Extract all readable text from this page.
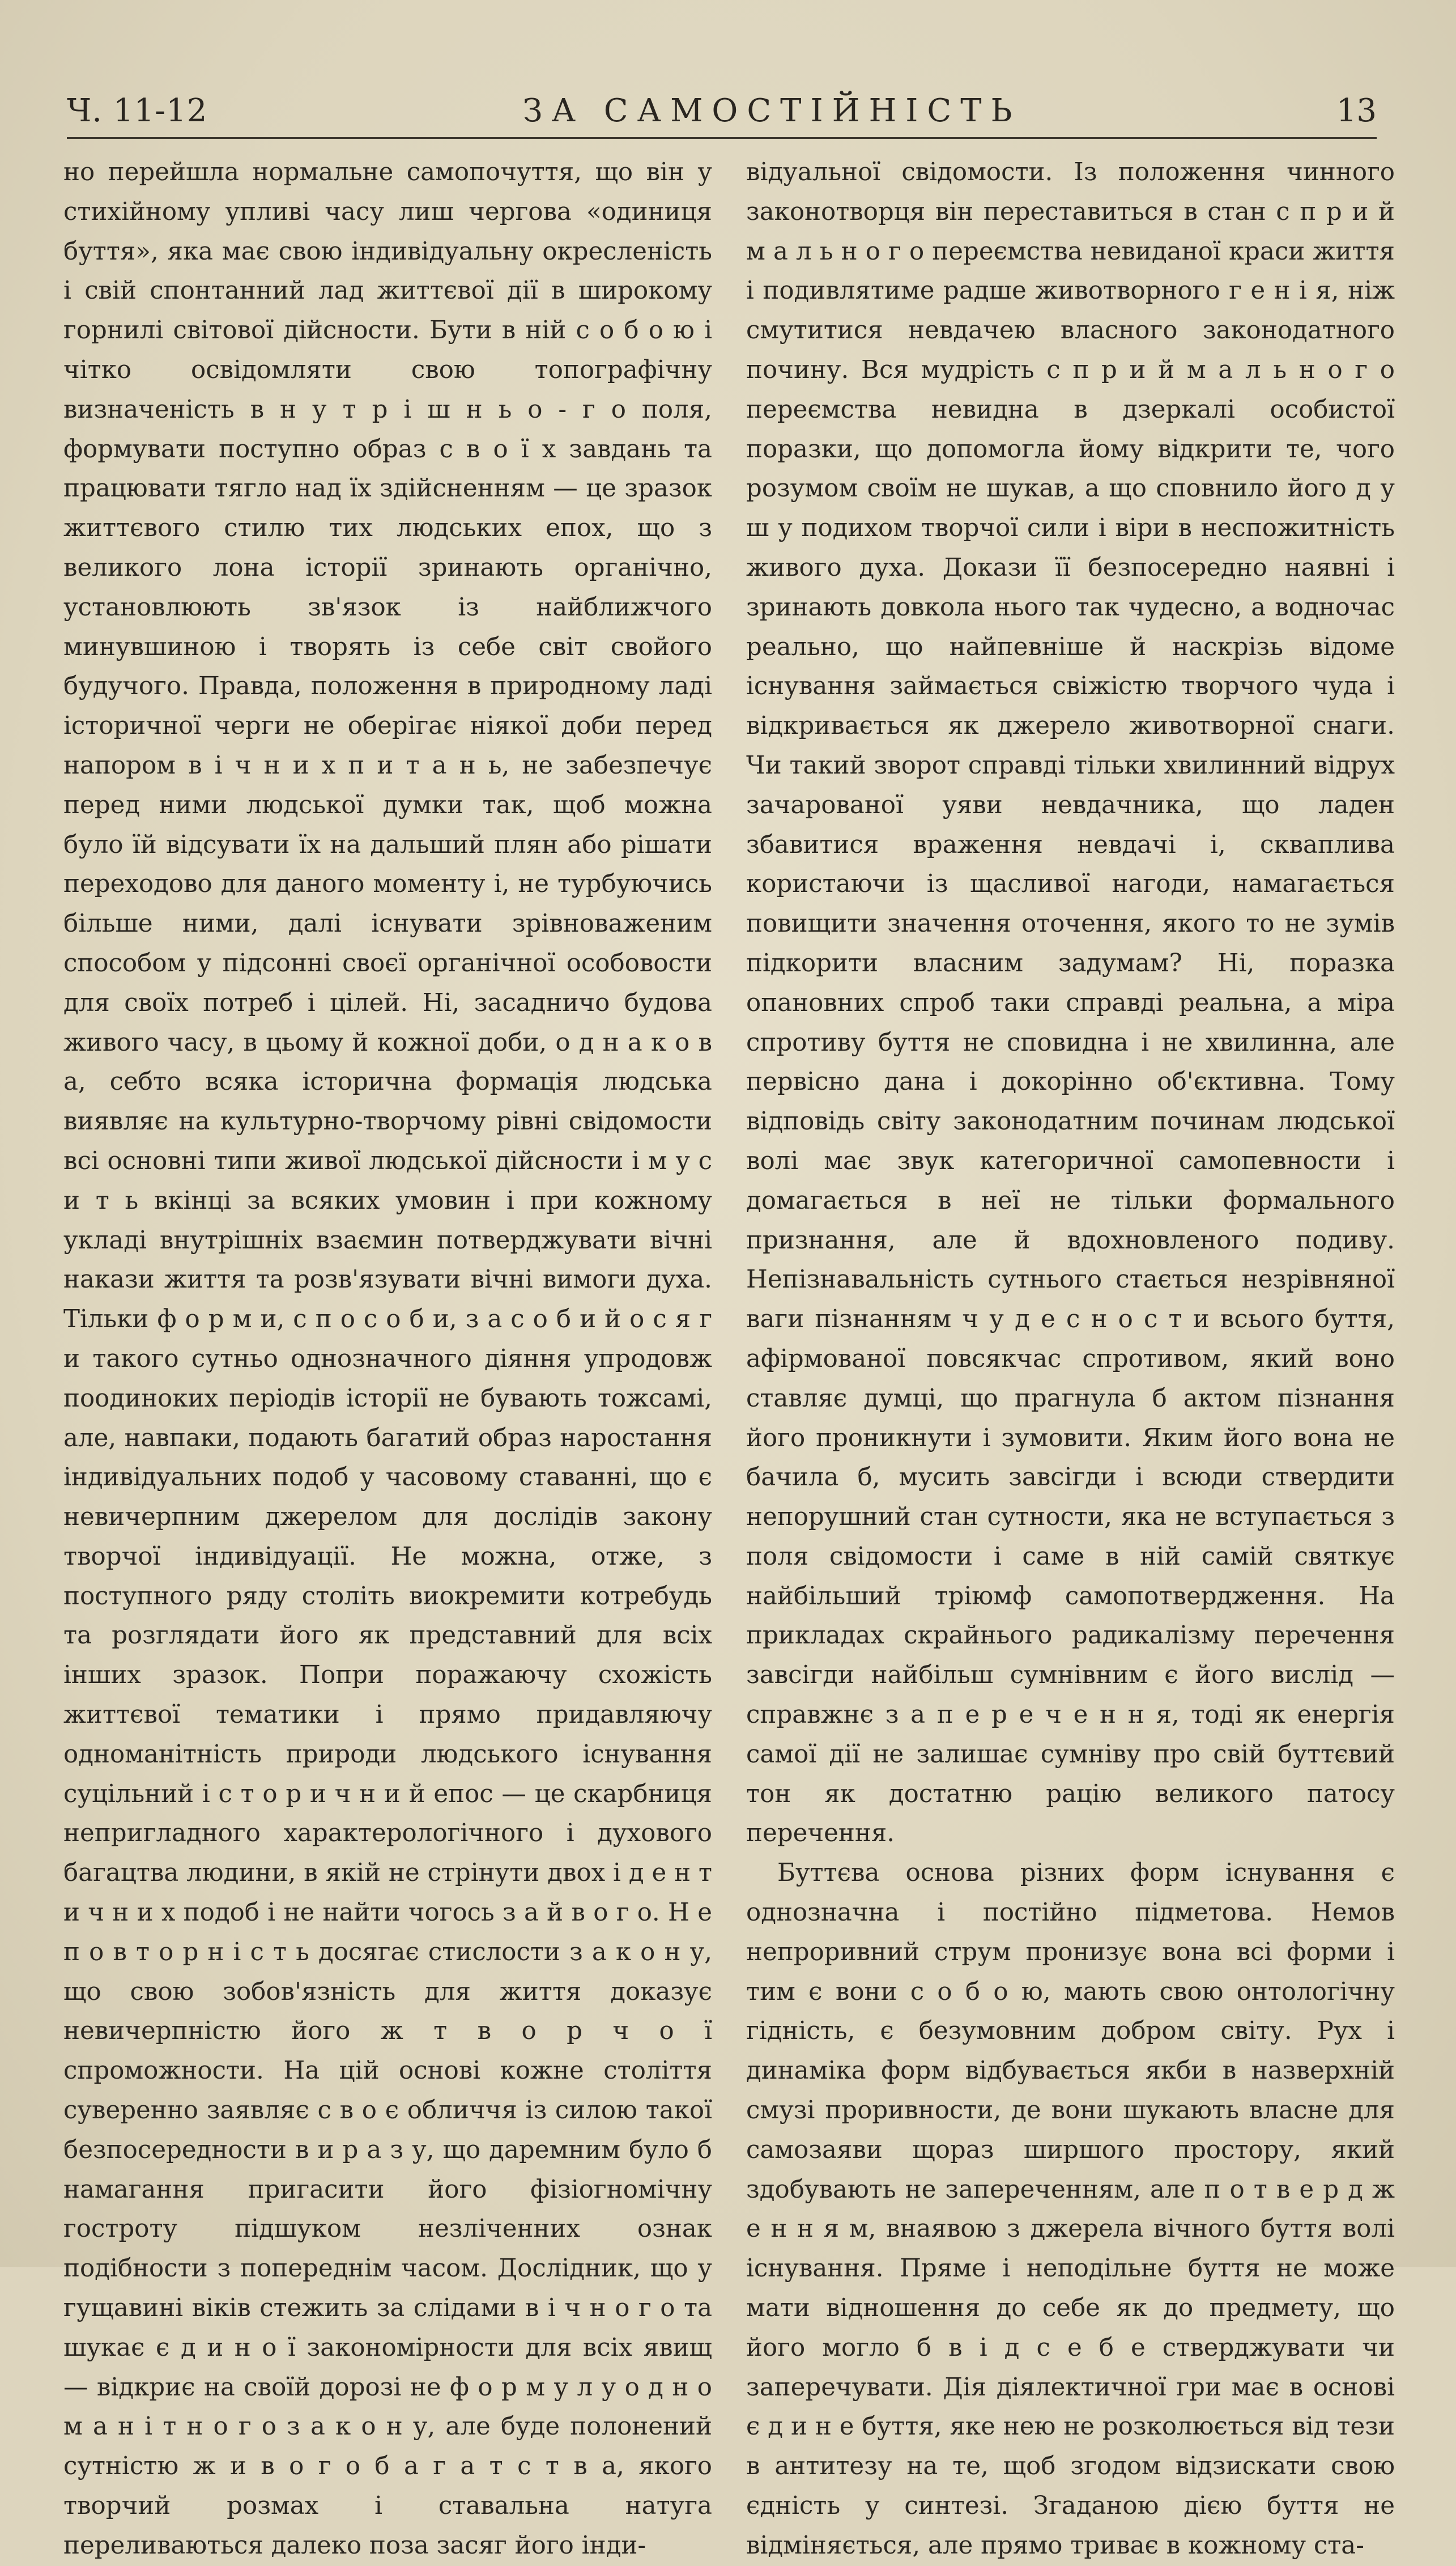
Ч. 11-12	ЗА САМОСТІЙНІСТЬ	13

но перейшла нормальне самопочуття, що він у стихійному упливі часу лиш чергова «одиниця буття», яка має свою індивідуальну окресленість і свій спонтанний лад життєвої дії в широкому горнилі світової дійсности. Бути в ній с о б о ю і чітко освідомляти свою топографічну визначеність в н у т р і ш н ь о - г о поля, формувати поступно образ с в о ї х завдань та працювати тягло над їх здійсненням — це зразок життєвого стилю тих людських епох, що з великого лона історії зринають органічно, установлюють зв'язок із найближчого минувшиною і творять із себе світ свойого будучого. Правда, положення в природному ладі історичної черги не оберігає ніякої доби перед напором в і ч н и х п и т а н ь, не забезпечує перед ними людської думки так, щоб можна було їй відсувати їх на дальший плян або рішати переходово для даного моменту і, не турбуючись більше ними, далі існувати зрівноваженим способом у підсонні своєї органічної особовости для своїх потреб і цілей. Ні, засадничо будова живого часу, в цьому й кожної доби, о д н а к о в а, себто всяка історична формація людська виявляє на культурно-творчому рівні свідомости всі основні типи живої людської дійсности і м у с и т ь вкінці за всяких умовин і при кожному укладі внутрішніх взаємин потверджувати вічні накази життя та розв'язувати вічні вимоги духа. Тільки ф о р м и, с п о с о б и, з а с о б и й о с я г и такого сутньо однозначного діяння упродовж поодиноких періодів історії не бувають тожсамі, але, навпаки, подають багатий образ наростання індивідуальних подоб у часовому ставанні, що є невичерпним джерелом для дослідів закону творчої індивідуації. Не можна, отже, з поступного ряду століть виокремити котребудь та розглядати його як представний для всіх інших зразок. Попри поражаючу схожість життєвої тематики і прямо придавляючу одноманітність природи людського існування суцільний і с т о р и ч н и й епос — це скарбниця непригладного характерологічного і духового багацтва людини, в якій не стрінути двох і д е н т и ч н и х подоб і не найти чогось з а й в о г о. Н е п о в т о р н і с т ь досягає стислости з а к о н у, що свою зобов'язність для життя доказує невичерпністю його ж т в о р ч о ї спроможности. На цій основі кожне століття суверенно заявляє с в о є обличчя із силою такої безпосередности в и р а з у, що даремним було б намагання пригасити його фізіогномічну гостроту підшуком незліченних ознак подібности з попереднім часом. Дослідник, що у гущавині віків стежить за слідами в і ч н о г о та шукає є д и н о ї закономірности для всіх явищ — відкриє на своїй дорозі не ф о р м у л у о д н о м а н і т н о г о з а к о н у, але буде полонений сутністю ж и в о г о б а г а т с т в а, якого творчий розмах і ставальна натуга переливаються далеко поза засяг його інди-

відуальної свідомости. Із положення чинного законотворця він переставиться в стан с п р и й м а л ь н о г о переємства невиданої краси життя і подивлятиме радше животворного г е н і я, ніж смутитися невдачею власного законодатного почину. Вся мудрість с п р и й м а л ь н о г о переємства невидна в дзеркалі особистої поразки, що допомогла йому відкрити те, чого розумом своїм не шукав, а що сповнило його д у ш у подихом творчої сили і віри в неспожитність живого духа. Докази її безпосередно наявні і зринають довкола нього так чудесно, а водночас реально, що найпевніше й наскрізь відоме існування займається свіжістю творчого чуда і відкривається як джерело животворної снаги. Чи такий зворот справді тільки хвилинний відрух зачарованої уяви невдачника, що ладен збавитися враження невдачі і, скваплива користаючи із щасливої нагоди, намагається повищити значення оточення, якого то не зумів підкорити власним задумам? Ні, поразка опановних спроб таки справді реальна, а міра спротиву буття не сповидна і не хвилинна, але первісно дана і докорінно об'єктивна. Тому відповідь світу законодатним починам людської волі має звук категоричної самопевности і домагається в неї не тільки формального признання, але й вдохновленого подиву. Непізнавальність сутнього стається незрівняної ваги пізнанням ч у д е с н о с т и всього буття, афірмованої повсякчас спротивом, який воно ставляє думці, що прагнула б актом пізнання його проникнути і зумовити. Яким його вона не бачила б, мусить завсігди і всюди ствердити непорушний стан сутности, яка не вступається з поля свідомости і саме в ній самій святкує найбільший тріюмф самопотвердження. На прикладах скрайнього радикалізму перечення завсігди найбільш сумнівним є його вислід — справжнє з а п е р е ч е н н я, тоді як енергія самої дії не залишає сумніву про свій буттєвий тон як достатню рацію великого патосу перечення.

Буттєва основа різних форм існування є однозначна і постійно підметова. Немов непроривний струм пронизує вона всі форми і тим є вони с о б о ю, мають свою онтологічну гідність, є безумовним добром світу. Рух і динаміка форм відбувається якби в назверхній смузі проривности, де вони шукають власне для самозаяви щораз ширшого простору, який здобувають не запереченням, але п о т в е р д ж е н н я м, внаявою з джерела вічного буття волі існування. Пряме і неподільне буття не може мати відношення до себе як до предмету, що його могло б в і д с е б е стверджувати чи заперечувати. Дія діялектичної гри має в основі є д и н е буття, яке нею не розколюється від тези в антитезу на те, щоб згодом відзискати свою єдність у синтезі. Згаданою дією буття не відміняється, але прямо триває в кожному ста-
